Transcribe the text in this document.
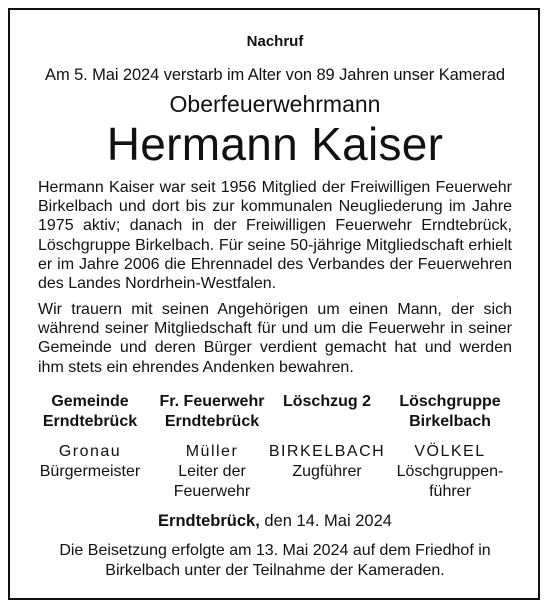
Nachruf
Am 5. Mai 2024 verstarb im Alter von 89 Jahren unser Kamerad
Oberfeuerwehrmann
Hermann Kaiser
Hermann Kaiser war seit 1956 Mitglied der Freiwilligen Feuerwehr Birkelbach und dort bis zur kommunalen Neugliederung im Jahre 1975 aktiv; danach in der Freiwilligen Feuerwehr Erndtebrück, Löschgruppe Birkelbach. Für seine 50-jährige Mitgliedschaft erhielt er im Jahre 2006 die Ehrennadel des Verbandes der Feuerwehren des Landes Nordrhein-Westfalen.
Wir trauern mit seinen Angehörigen um einen Mann, der sich während seiner Mitgliedschaft für und um die Feuerwehr in seiner Gemeinde und deren Bürger verdient gemacht hat und werden ihm stets ein ehrendes Andenken bewahren.
Gemeinde
Erndtebrück
Gronau
Bürgermeister
Fr. Feuerwehr
Erndtebrück
Müller
Leiter der
Feuerwehr
Löschzug 2

BIRKELBACH
Zugführer
Löschgruppe
Birkelbach
VÖLKEL
Löschgruppen-
führer
Erndtebrück, den 14. Mai 2024
Die Beisetzung erfolgte am 13. Mai 2024 auf dem Friedhof in
Birkelbach unter der Teilnahme der Kameraden.
